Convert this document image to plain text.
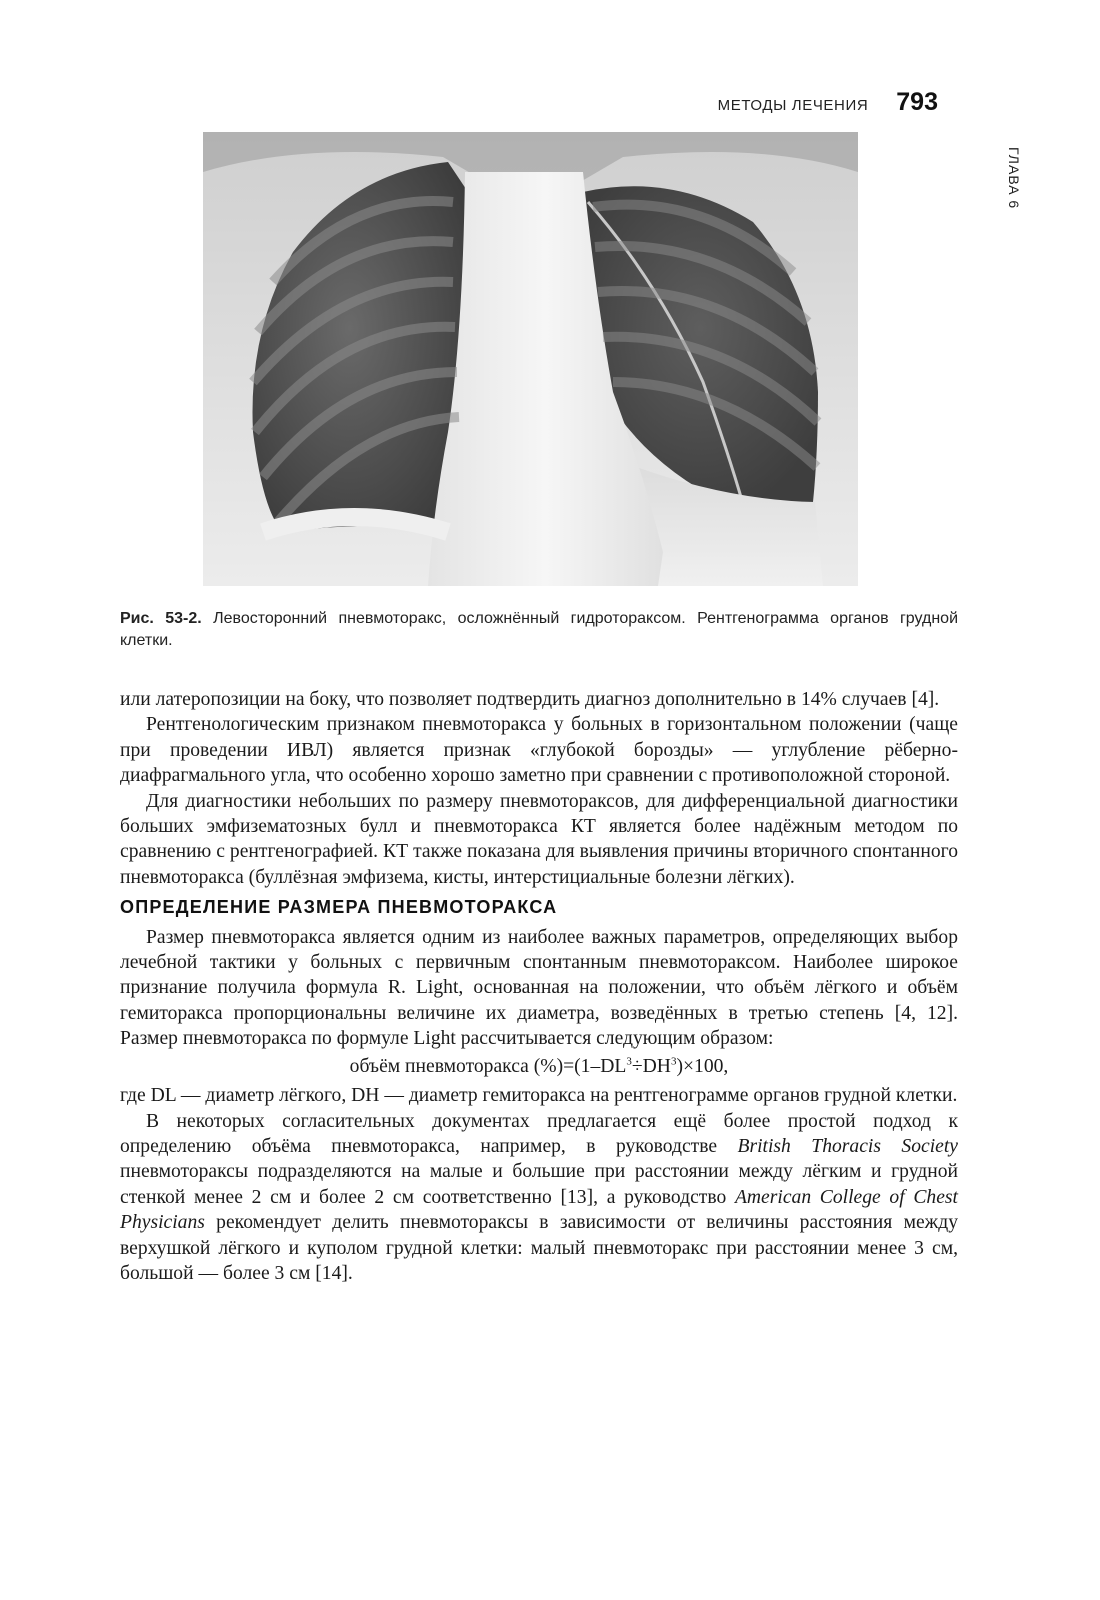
МЕТОДЫ ЛЕЧЕНИЯ 793
ГЛАВА 6
Рис. 53-2. Левосторонний пневмоторакс, осложнённый гидротораксом. Рентгенограмма органов грудной клетки.

или латеропозиции на боку, что позволяет подтвердить диагноз дополнительно в 14% случаев [4].

Рентгенологическим признаком пневмоторакса у больных в горизонтальном положении (чаще при проведении ИВЛ) является признак «глубокой борозды» — углубление рёберно-диафрагмального угла, что особенно хорошо заметно при сравнении с противоположной стороной.

Для диагностики небольших по размеру пневмотораксов, для дифференциальной диагностики больших эмфизематозных булл и пневмоторакса КТ является более надёжным методом по сравнению с рентгенографией. КТ также показана для выявления причины вторичного спонтанного пневмоторакса (буллёзная эмфизема, кисты, интерстициальные болезни лёгких).

ОПРЕДЕЛЕНИЕ РАЗМЕРА ПНЕВМОТОРАКСА

Размер пневмоторакса является одним из наиболее важных параметров, определяющих выбор лечебной тактики у больных с первичным спонтанным пневмотораксом. Наиболее широкое признание получила формула R. Light, основанная на положении, что объём лёгкого и объём гемиторакса пропорциональны величине их диаметра, возведённых в третью степень [4, 12]. Размер пневмоторакса по формуле Light рассчитывается следующим образом:

объём пневмоторакса $(\%)=(1-DL^3\div DH^3)\times 100$,

где DL — диаметр лёгкого, DH — диаметр гемиторакса на рентгенограмме органов грудной клетки.

В некоторых согласительных документах предлагается ещё более простой подход к определению объёма пневмоторакса, например, в руководстве British Thoracis Society пневмотораксы подразделяются на малые и большие при расстоянии между лёгким и грудной стенкой менее 2 см и более 2 см соответственно [13], а руководство American College of Chest Physicians рекомендует делить пневмотораксы в зависимости от величины расстояния между верхушкой лёгкого и куполом грудной клетки: малый пневмоторакс при расстоянии менее 3 см, большой — более 3 см [14].
